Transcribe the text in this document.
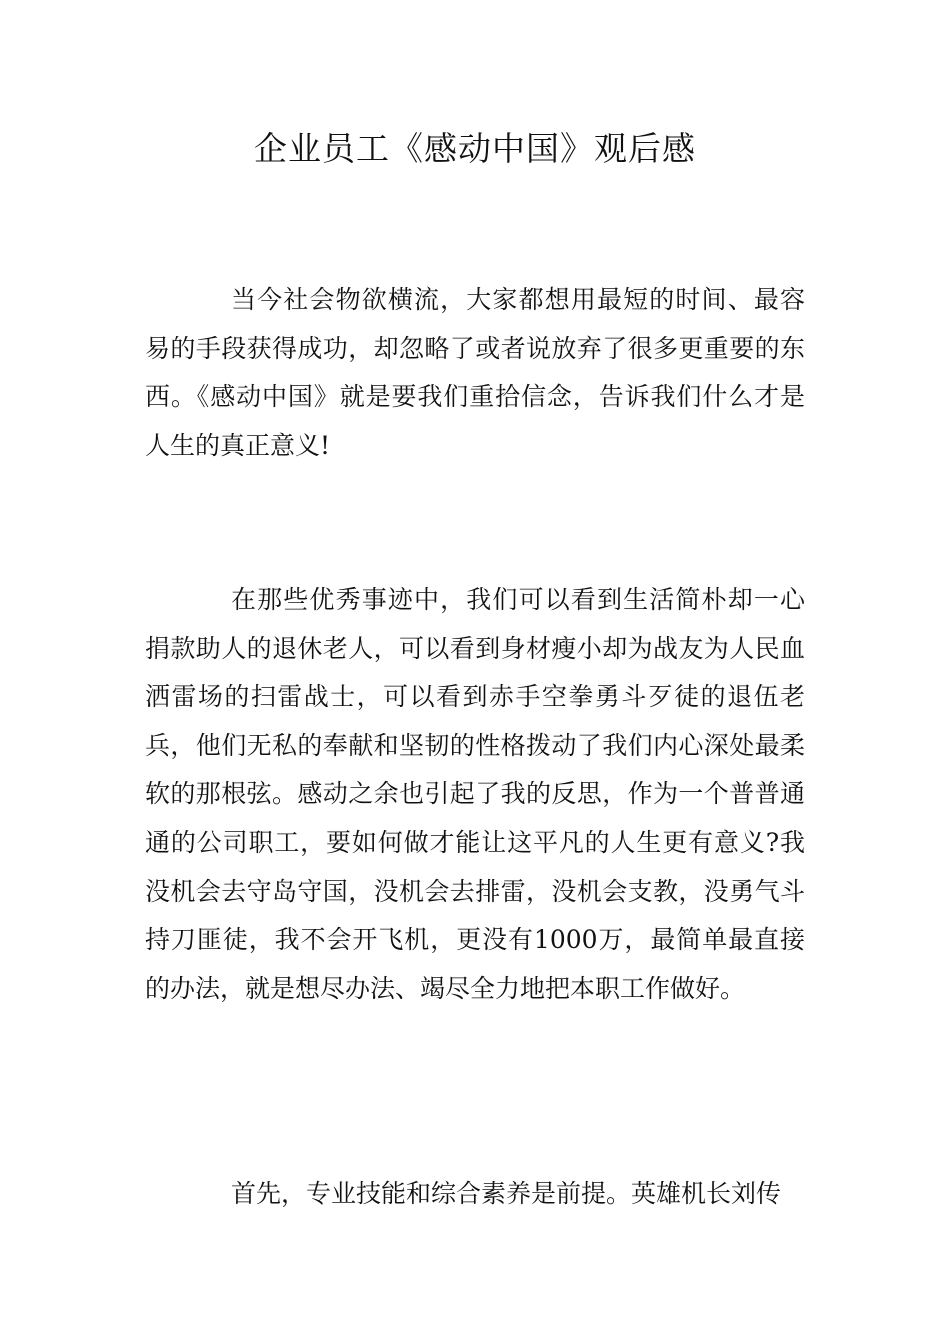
企业员工《感动中国》观后感

当今社会物欲横流，大家都想用最短的时间、最容易的手段获得成功，却忽略了或者说放弃了很多更重要的东西。《感动中国》就是要我们重拾信念，告诉我们什么才是人生的真正意义!

在那些优秀事迹中，我们可以看到生活简朴却一心捐款助人的退休老人，可以看到身材瘦小却为战友为人民血洒雷场的扫雷战士，可以看到赤手空拳勇斗歹徒的退伍老兵，他们无私的奉献和坚韧的性格拨动了我们内心深处最柔软的那根弦。感动之余也引起了我的反思，作为一个普普通通的公司职工，要如何做才能让这平凡的人生更有意义?我没机会去守岛守国，没机会去排雷，没机会支教，没勇气斗持刀匪徒，我不会开飞机，更没有1000万，最简单最直接的办法，就是想尽办法、竭尽全力地把本职工作做好。

首先，专业技能和综合素养是前提。英雄机长刘传
